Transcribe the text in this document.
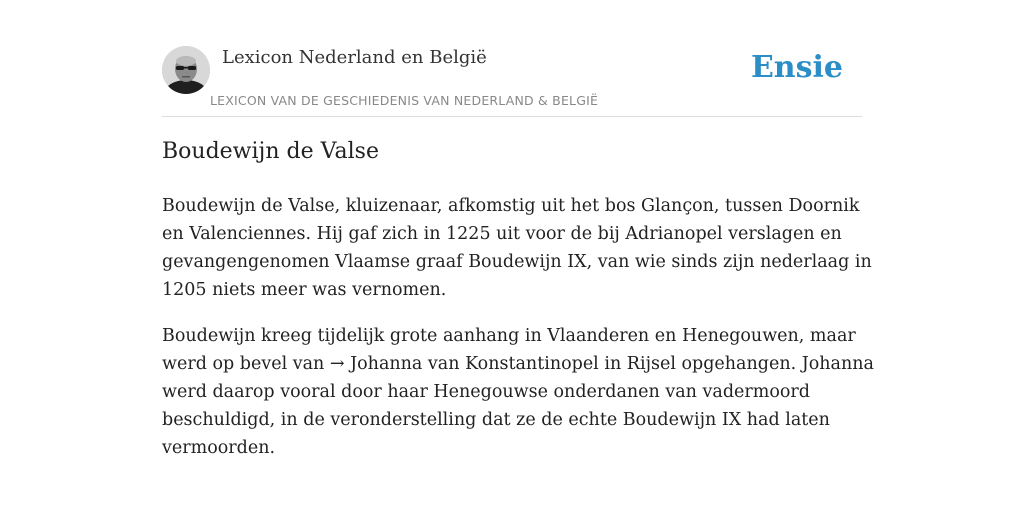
Lexicon Nederland en België
LEXICON VAN DE GESCHIEDENIS VAN NEDERLAND & BELGIË
Ensie
Boudewijn de Valse

Boudewijn de Valse, kluizenaar, afkomstig uit het bos Glançon, tussen Doornik
en Valenciennes. Hij gaf zich in 1225 uit voor de bij Adrianopel verslagen en
gevangengenomen Vlaamse graaf Boudewijn IX, van wie sinds zijn nederlaag in
1205 niets meer was vernomen.

Boudewijn kreeg tijdelijk grote aanhang in Vlaanderen en Henegouwen, maar
werd op bevel van → Johanna van Konstantinopel in Rijsel opgehangen. Johanna
werd daarop vooral door haar Henegouwse onderdanen van vadermoord
beschuldigd, in de veronderstelling dat ze de echte Boudewijn IX had laten
vermoorden.
